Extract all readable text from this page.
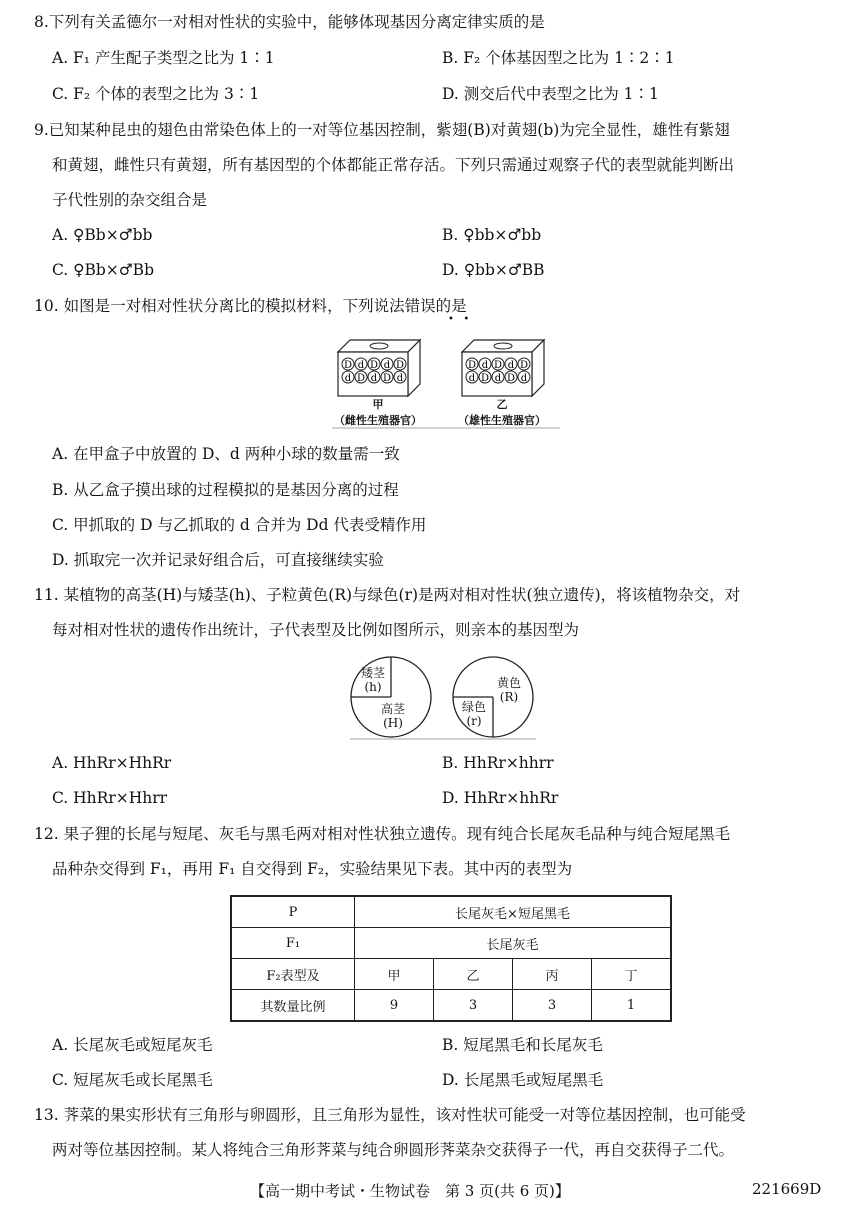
8.下列有关孟德尔一对相对性状的实验中，能够体现基因分离定律实质的是
A. F₁ 产生配子类型之比为 1∶1	B. F₂ 个体基因型之比为 1∶2∶1
C. F₂ 个体的表型之比为 3∶1	D. 测交后代中表型之比为 1∶1
9.已知某种昆虫的翅色由常染色体上的一对等位基因控制，紫翅(B)对黄翅(b)为完全显性，雄性有紫翅
和黄翅，雌性只有黄翅，所有基因型的个体都能正常存活。下列只需通过观察子代的表型就能判断出
子代性别的杂交组合是
A. ♀Bb×♂bb	B. ♀bb×♂bb
C. ♀Bb×♂Bb	D. ♀bb×♂BB
10. 如图是一对相对性状分离比的模拟材料，下列说法错误的是
•   •
D d D d D
d D d D d
D d D d D
d D d D d
甲
（雌性生殖器官）
乙
（雄性生殖器官）
A. 在甲盒子中放置的 D、d 两种小球的数量需一致
B. 从乙盒子摸出球的过程模拟的是基因分离的过程
C. 甲抓取的 D 与乙抓取的 d 合并为 Dd 代表受精作用
D. 抓取完一次并记录好组合后，可直接继续实验
11. 某植物的高茎(H)与矮茎(h)、子粒黄色(R)与绿色(r)是两对相对性状(独立遗传)，将该植物杂交，对
每对相对性状的遗传作出统计，子代表型及比例如图所示，则亲本的基因型为
矮茎
(h)
高茎
(H)
黄色
(R)
绿色
(r)
A. HhRr×HhRr	B. HhRr×hhrr
C. HhRr×Hhrr	D. HhRr×hhRr
12. 果子狸的长尾与短尾、灰毛与黑毛两对相对性状独立遗传。现有纯合长尾灰毛品种与纯合短尾黑毛
品种杂交得到 F₁，再用 F₁ 自交得到 F₂，实验结果见下表。其中丙的表型为
P	长尾灰毛×短尾黑毛			
F₁	长尾灰毛			
F₂表型及	甲	乙	丙	丁
其数量比例	9	3	3	1
A. 长尾灰毛或短尾灰毛	B. 短尾黑毛和长尾灰毛
C. 短尾灰毛或长尾黑毛	D. 长尾黑毛或短尾黑毛
13. 荠菜的果实形状有三角形与卵圆形，且三角形为显性，该对性状可能受一对等位基因控制，也可能受
两对等位基因控制。某人将纯合三角形荠菜与纯合卵圆形荠菜杂交获得子一代，再自交获得子二代。
【高一期中考试・生物试卷　第 3 页(共 6 页)】	221669D
